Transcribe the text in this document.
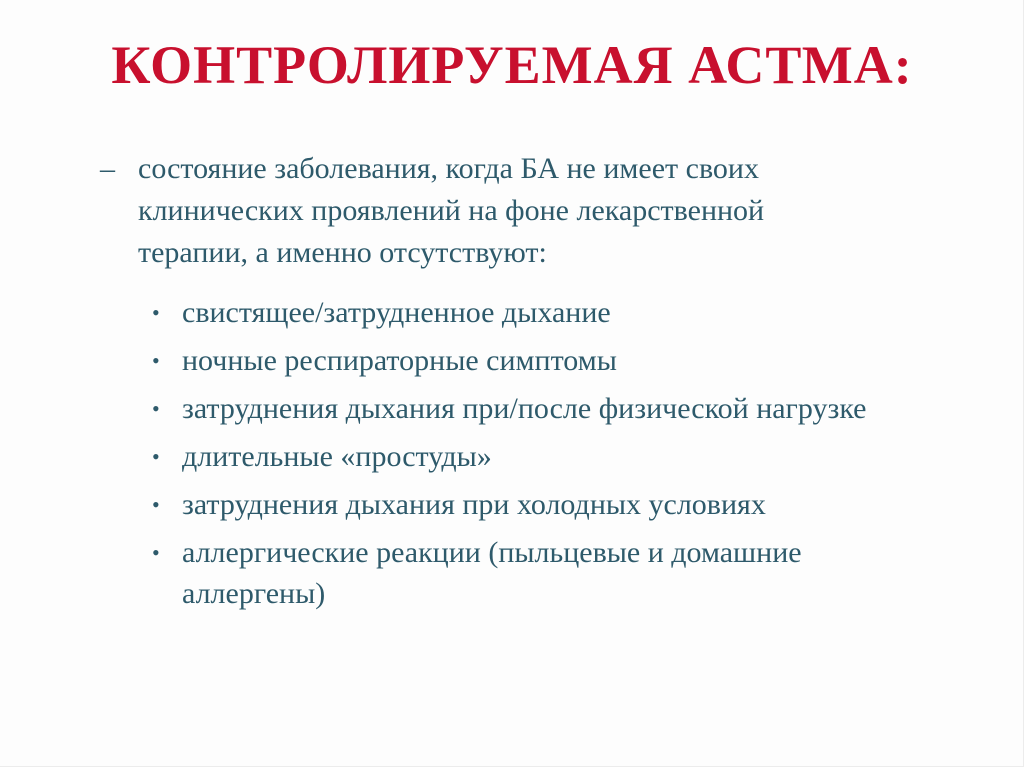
КОНТРОЛИРУЕМАЯ АСТМА:
– состояние заболевания, когда БА не имеет своих клинических проявлений на фоне лекарственной терапии, а именно отсутствуют:
• свистящее/затрудненное дыхание
• ночные респираторные симптомы
• затруднения дыхания при/после физической нагрузке
• длительные «простуды»
• затруднения дыхания при холодных условиях
• аллергические реакции (пыльцевые и домашние аллергены)
